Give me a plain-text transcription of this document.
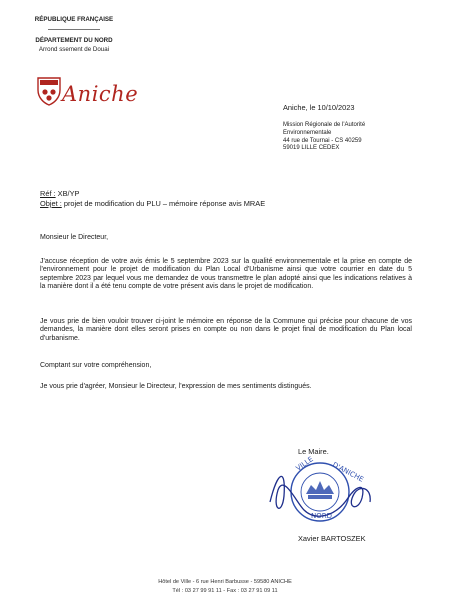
RÉPUBLIQUE FRANÇAISE
DÉPARTEMENT DU NORD
Arrond ssement de Douai
Aniche
Aniche, le 10/10/2023
Mission Régionale de l'Autorité
Environnementale
44 rue de Tournai - CS 40259
59019 LILLE CEDEX
Réf : XB/YP
Objet : projet de modification du PLU – mémoire réponse avis MRAE
Monsieur le Directeur,
J'accuse réception de votre avis émis le 5 septembre 2023 sur la qualité environnementale et la prise en compte de l'environnement pour le projet de modification du Plan Local d'Urbanisme ainsi que votre courrier en date du 5 septembre 2023 par lequel vous me demandez de vous transmettre le plan adopté ainsi que les indications relatives à la manière dont il a été tenu compte de votre présent avis dans le projet de modification.
Je vous prie de bien vouloir trouver ci-joint le mémoire en réponse de la Commune qui précise pour chacune de vos demandes, la manière dont elles seront prises en compte ou non dans le projet final de modification du Plan local d'urbanisme.
Comptant sur votre compréhension,
Je vous prie d'agréer, Monsieur le Directeur, l'expression de mes sentiments distingués.
Le Maire.
VILLE D'ANICHE
NORD
Xavier BARTOSZEK
Hôtel de Ville - 6 rue Henri Barbusse - 59580 ANICHE
Tél : 03 27 99 91 11 - Fax : 03 27 91 09 11
